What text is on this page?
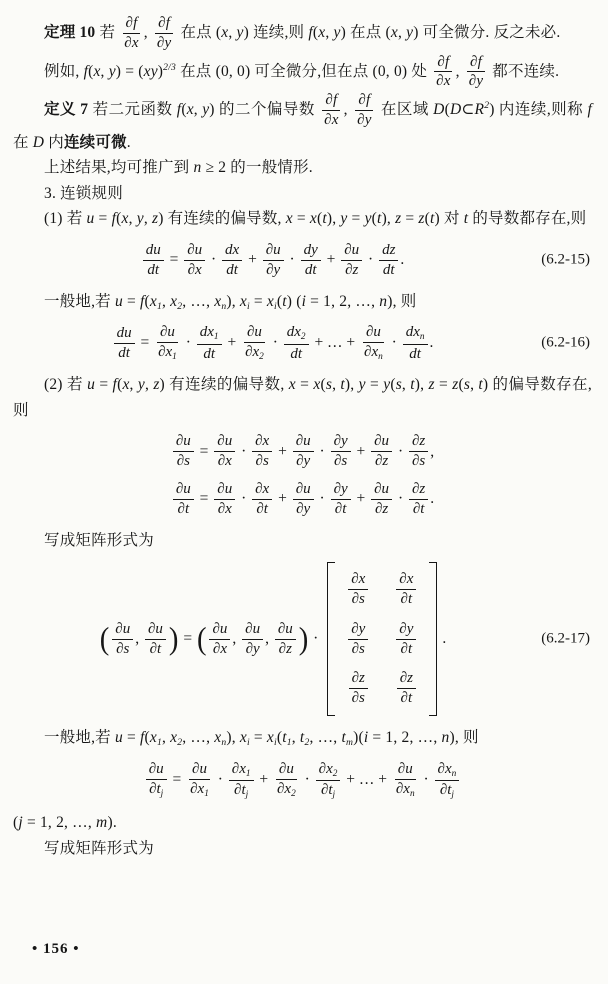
定理 10 若 $\frac{\partial f}{\partial x}$ , $\frac{\partial f}{\partial y}$ 在点 (x, y) 连续,则 f(x, y) 在点 (x, y) 可全微分. 反之未必.
例如, f(x, y) = (xy)$^{2/3}$ 在点 (0, 0) 可全微分,但在点 (0, 0) 处 $\frac{\partial f}{\partial x}$ , $\frac{\partial f}{\partial y}$ 都不连续.
定义 7 若二元函数 f(x, y) 的二个偏导数 $\frac{\partial f}{\partial x}$ , $\frac{\partial f}{\partial y}$ 在区域 $D(D\subset R^2)$ 内连续,则称 f 在 D 内连续可微.
上述结果,均可推广到 n ≥ 2 的一般情形.
3. 连锁规则
(1) 若 u = f(x, y, z) 有连续的偏导数, x = x(t), y = y(t), z = z(t) 对 t 的导数都存在,则
$\frac{du}{dt} = \frac{\partial u}{\partial x} \cdot \frac{dx}{dt} + \frac{\partial u}{\partial y} \cdot \frac{dy}{dt} + \frac{\partial u}{\partial z} \cdot \frac{dz}{dt}$ .	(6.2-15)
一般地,若 u = f(x1, x2, …, xn), xi = xi(t) (i = 1, 2, …, n), 则
$\frac{du}{dt} = \frac{\partial u}{\partial x1} \cdot \frac{dx1}{dt} + \frac{\partial u}{\partial x2} \cdot \frac{dx2}{dt}$ + … + $\frac{\partial u}{\partial xn} \cdot \frac{\text{dxn}}{dt}$ .	(6.2-16)
(2) 若 u = f(x, y, z) 有连续的偏导数, x = x(s, t), y = y(s, t), z = z(s, t) 的偏导数存在,则
$\frac{\partial u}{\partial s} = \frac{\partial u}{\partial x} \cdot \frac{\partial x}{\partial s} + \frac{\partial u}{\partial y} \cdot \frac{\partial y}{\partial s} + \frac{\partial u}{\partial z} \cdot \frac{\partial z}{\partial s}$ ,
$\frac{\partial u}{\partial t} = \frac{\partial u}{\partial x} \cdot \frac{\partial x}{\partial t} + \frac{\partial u}{\partial y} \cdot \frac{\partial y}{\partial t} + \frac{\partial u}{\partial z} \cdot \frac{\partial z}{\partial t}$ .
写成矩阵形式为
( $\frac{\partial u}{\partial s}$ , $\frac{\partial u}{\partial t}$ ) = ( $\frac{\partial u}{\partial x}$ , $\frac{\partial u}{\partial y}$ , $\frac{\partial u}{\partial z}$ ) ·
$\frac{\partial x}{\partial s} \frac{\partial x}{\partial t}$
$\frac{\partial y}{\partial s} \frac{\partial y}{\partial t}$
$\frac{\partial z}{\partial s} \frac{\partial z}{\partial t}$
.	(6.2-17)
一般地,若 u = f(x1, x2, …, xn), xi = xi(t1, t2, …, tm)(i = 1, 2, …, n), 则
$\frac{\partial u}{\partial tj} = \frac{\partial u}{\partial x1} \cdot \frac{\partial x1}{\partial tj} + \frac{\partial u}{\partial x2} \cdot \frac{\partial x2}{\partial tj}$ + … + $\frac{\partial u}{\partial xn} \cdot \frac{\partial xn}{\partial tj}$
(j = 1, 2, …, m).
写成矩阵形式为
• 156 •
